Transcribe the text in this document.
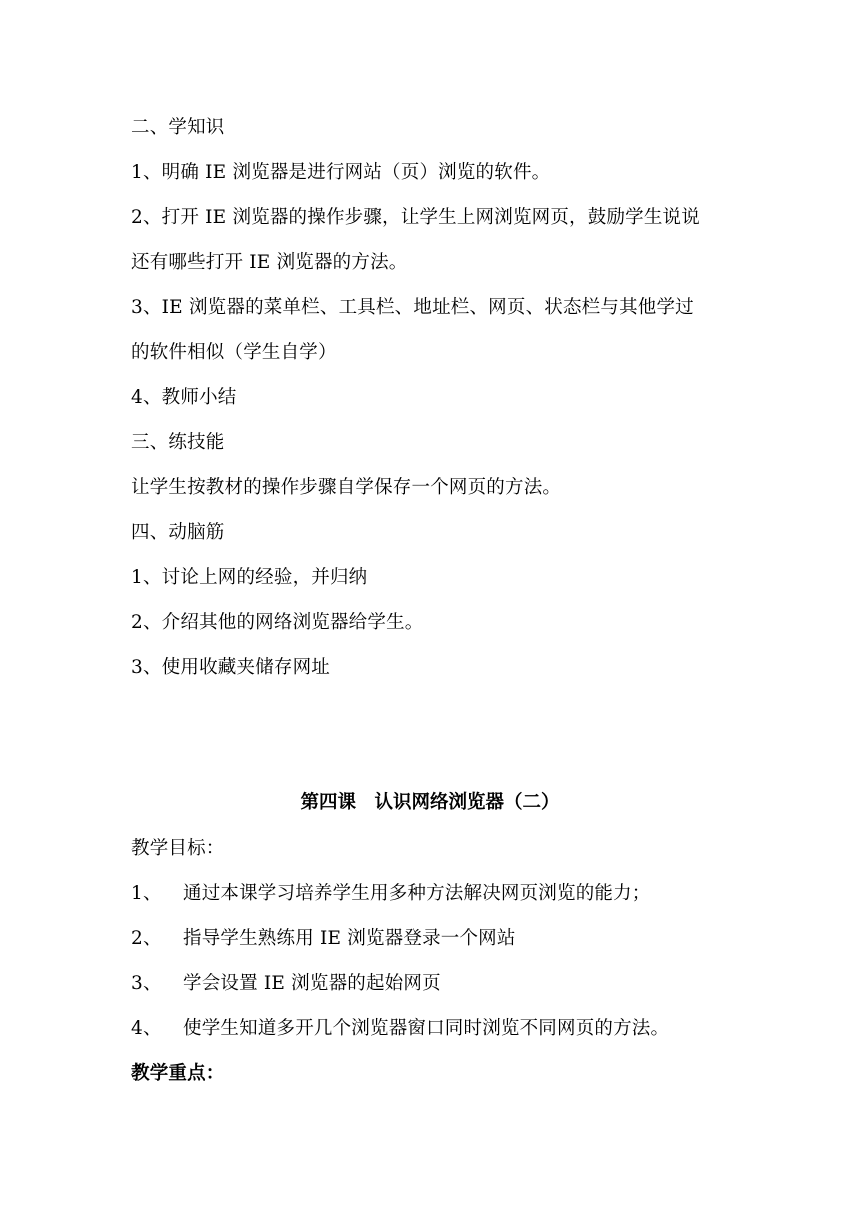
二、学知识
1、明确 IE 浏览器是进行网站（页）浏览的软件。
2、打开 IE 浏览器的操作步骤，让学生上网浏览网页，鼓励学生说说
还有哪些打开 IE 浏览器的方法。
3、IE 浏览器的菜单栏、工具栏、地址栏、网页、状态栏与其他学过
的软件相似（学生自学）
4、教师小结
三、练技能
让学生按教材的操作步骤自学保存一个网页的方法。
四、动脑筋
1、讨论上网的经验，并归纳
2、介绍其他的网络浏览器给学生。
3、使用收藏夹储存网址
第四课　认识网络浏览器（二）
教学目标：
1、 通过本课学习培养学生用多种方法解决网页浏览的能力；
2、 指导学生熟练用 IE 浏览器登录一个网站
3、 学会设置 IE 浏览器的起始网页
4、 使学生知道多开几个浏览器窗口同时浏览不同网页的方法。
教学重点：
